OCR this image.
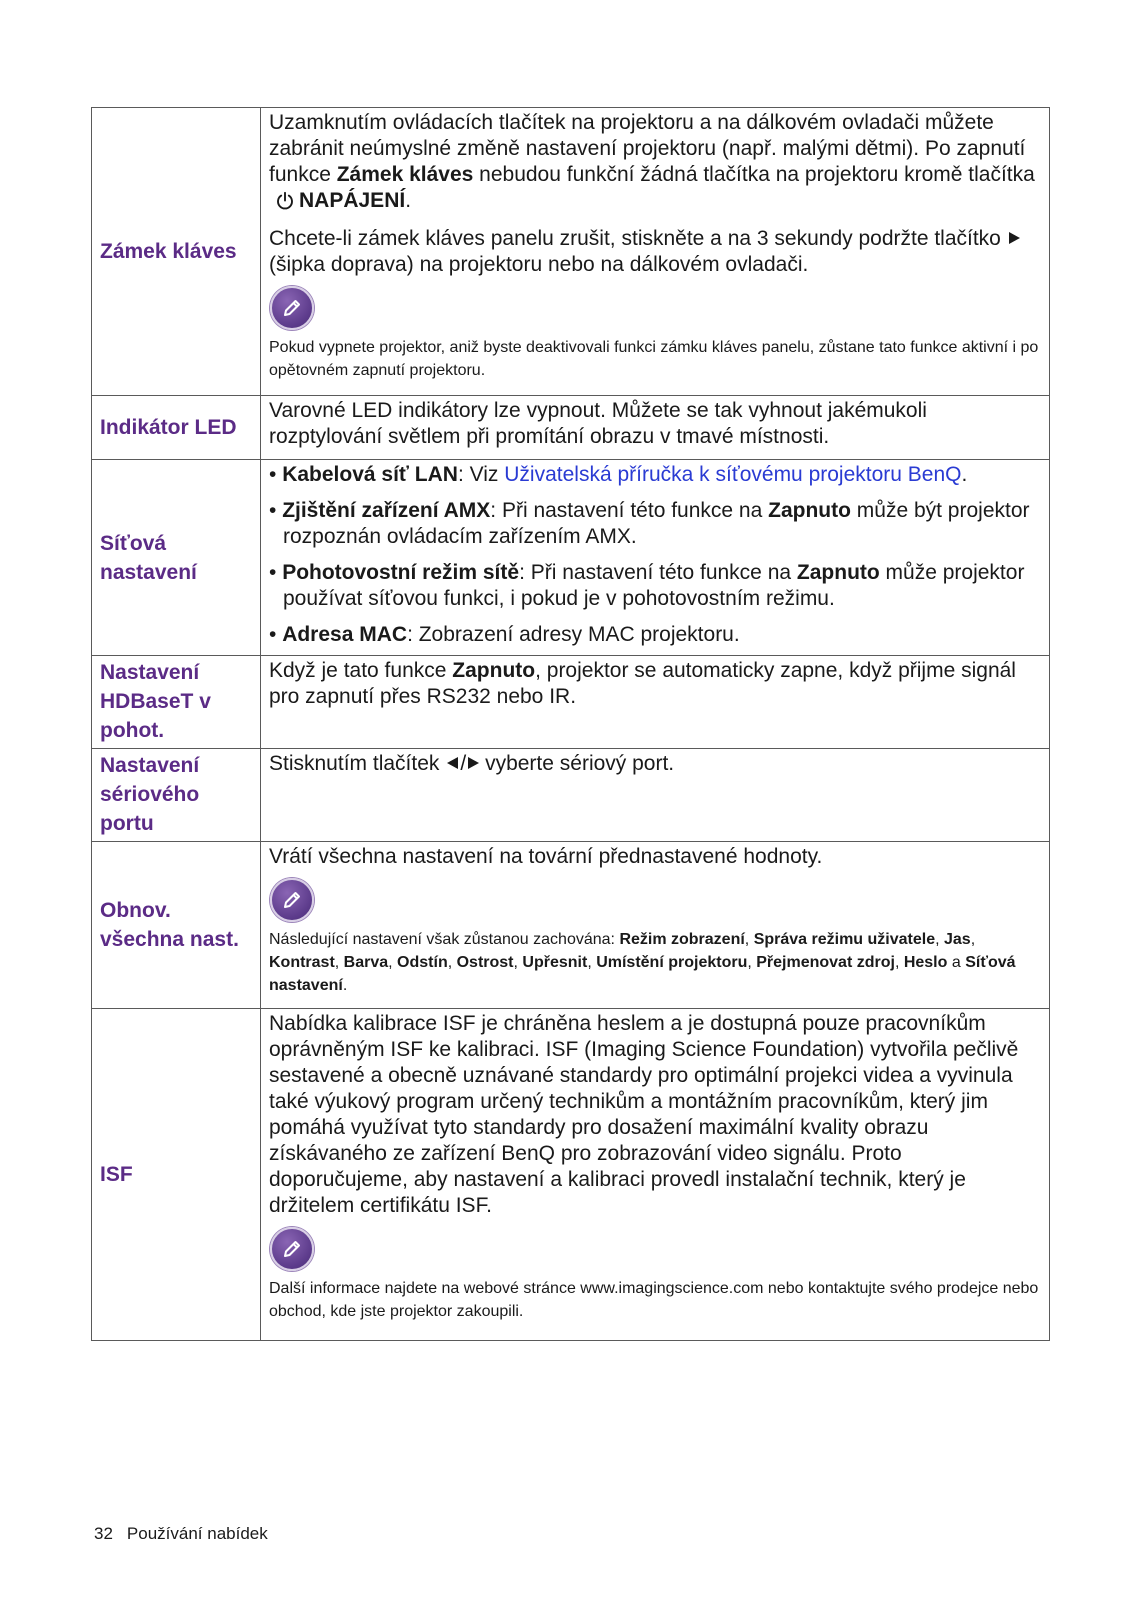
Zámek kláves	Uzamknutím ovládacích tlačítek na projektoru a na dálkovém ovladači můžete zabránit neúmyslné změně nastavení projektoru (např. malými dětmi). Po zapnutí funkce Zámek kláves nebudou funkční žádná tlačítka na projektoru kromě tlačítka NAPÁJENÍ.
Chcete-li zámek kláves panelu zrušit, stiskněte a na 3 sekundy podržte tlačítko(šipka doprava) na projektoru nebo na dálkovém ovladači.
Pokud vypnete projektor, aniž byste deaktivovali funkci zámku kláves panelu, zůstane tato funkce aktivní i po opětovném zapnutí projektoru.

Indikátor LED	Varovné LED indikátory lze vypnout. Můžete se tak vyhnout jakémukoli rozptylování světlem při promítání obrazu v tmavé místnosti.
Síťová nastavení	• Kabelová síť LAN: Viz Uživatelská příručka k síťovému projektoru BenQ.
• Zjištění zařízení AMX: Při nastavení této funkce na Zapnuto může být projektor rozpoznán ovládacím zařízením AMX.
• Pohotovostní režim sítě: Při nastavení této funkce na Zapnuto může projektor používat síťovou funkci, i pokud je v pohotovostním režimu.
• Adresa MAC: Zobrazení adresy MAC projektoru.

Nastavení HDBaseT v pohot.	Když je tato funkce Zapnuto, projektor se automaticky zapne, když přijme signál pro zapnutí přes RS232 nebo IR.
Nastavení sériového portu	Stisknutím tlačítek / vyberte sériový port.
Obnov. všechna nast.	Vrátí všechna nastavení na tovární přednastavené hodnoty.
Následující nastavení však zůstanou zachována: Režim zobrazení, Správa režimu uživatele, Jas, Kontrast, Barva, Odstín, Ostrost, Upřesnit, Umístění projektoru, Přejmenovat zdroj, Heslo a Síťová nastavení.

ISF	Nabídka kalibrace ISF je chráněna heslem a je dostupná pouze pracovníkům oprávněným ISF ke kalibraci. ISF (Imaging Science Foundation) vytvořila pečlivě sestavené a obecně uznávané standardy pro optimální projekci videa a vyvinula také výukový program určený technikům a montážním pracovníkům, který jim pomáhá využívat tyto standardy pro dosažení maximální kvality obrazu získávaného ze zařízení BenQ pro zobrazování video signálu. Proto doporučujeme, aby nastavení a kalibraci provedl instalační technik, který je držitelem certifikátu ISF.
Další informace najdete na webové stránce www.imagingscience.com nebo kontaktujte svého prodejce nebo obchod, kde jste projektor zakoupili.
32 Používání nabídek
